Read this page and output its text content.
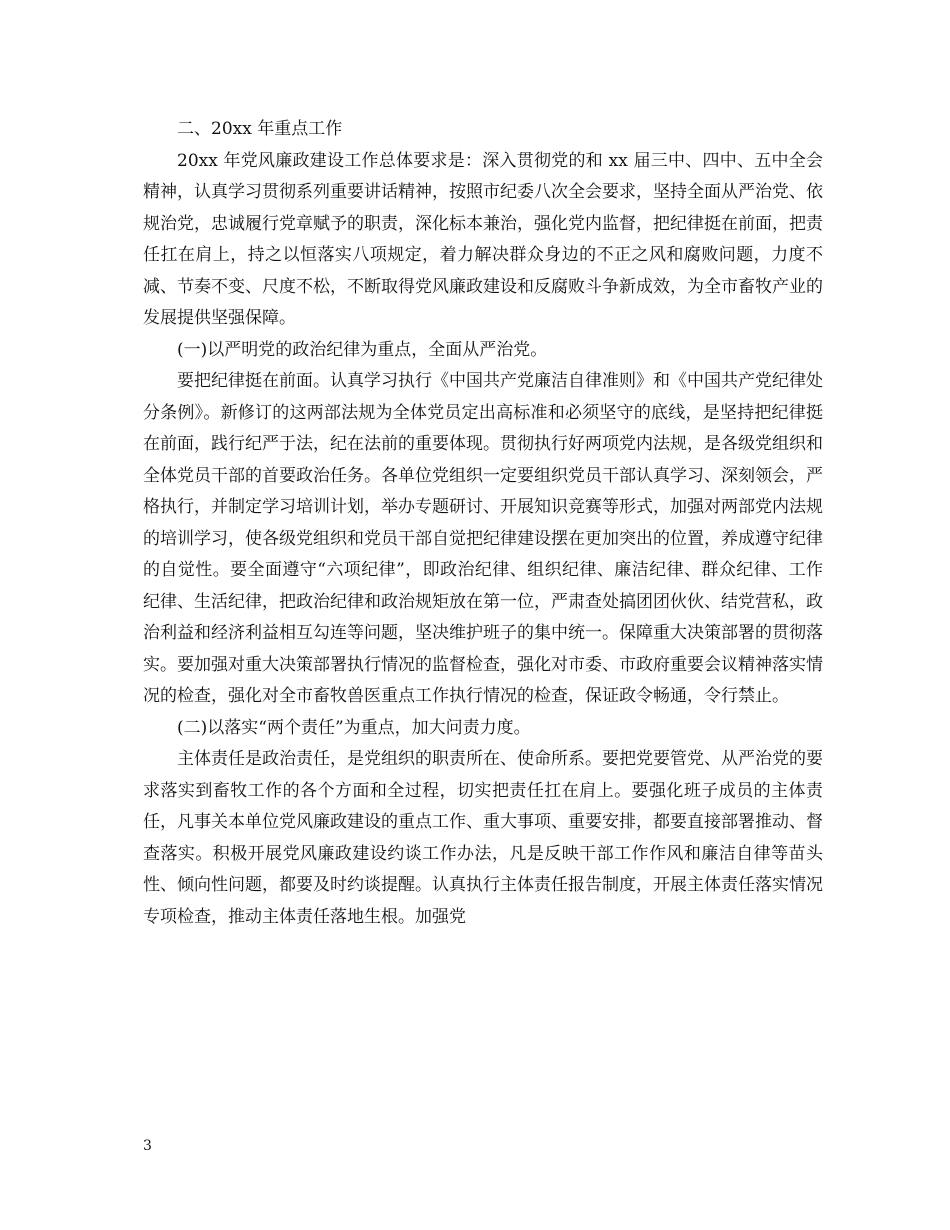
二、20xx 年重点工作

20xx 年党风廉政建设工作总体要求是：深入贯彻党的和 xx 届三中、四中、五中全会精神，认真学习贯彻系列重要讲话精神，按照市纪委八次全会要求，坚持全面从严治党、依规治党，忠诚履行党章赋予的职责，深化标本兼治，强化党内监督，把纪律挺在前面，把责任扛在肩上，持之以恒落实八项规定，着力解决群众身边的不正之风和腐败问题，力度不减、节奏不变、尺度不松，不断取得党风廉政建设和反腐败斗争新成效，为全市畜牧产业的发展提供坚强保障。

(一)以严明党的政治纪律为重点，全面从严治党。

要把纪律挺在前面。认真学习执行《中国共产党廉洁自律准则》和《中国共产党纪律处分条例》。新修订的这两部法规为全体党员定出高标准和必须坚守的底线，是坚持把纪律挺在前面，践行纪严于法，纪在法前的重要体现。贯彻执行好两项党内法规，是各级党组织和全体党员干部的首要政治任务。各单位党组织一定要组织党员干部认真学习、深刻领会，严格执行，并制定学习培训计划，举办专题研讨、开展知识竞赛等形式，加强对两部党内法规的培训学习，使各级党组织和党员干部自觉把纪律建设摆在更加突出的位置，养成遵守纪律的自觉性。要全面遵守“六项纪律”，即政治纪律、组织纪律、廉洁纪律、群众纪律、工作纪律、生活纪律，把政治纪律和政治规矩放在第一位，严肃查处搞团团伙伙、结党营私，政治利益和经济利益相互勾连等问题，坚决维护班子的集中统一。保障重大决策部署的贯彻落实。要加强对重大决策部署执行情况的监督检查，强化对市委、市政府重要会议精神落实情况的检查，强化对全市畜牧兽医重点工作执行情况的检查，保证政令畅通，令行禁止。

(二)以落实“两个责任”为重点，加大问责力度。

主体责任是政治责任，是党组织的职责所在、使命所系。要把党要管党、从严治党的要求落实到畜牧工作的各个方面和全过程，切实把责任扛在肩上。要强化班子成员的主体责任，凡事关本单位党风廉政建设的重点工作、重大事项、重要安排，都要直接部署推动、督查落实。积极开展党风廉政建设约谈工作办法，凡是反映干部工作作风和廉洁自律等苗头性、倾向性问题，都要及时约谈提醒。认真执行主体责任报告制度，开展主体责任落实情况专项检查，推动主体责任落地生根。加强党

3
